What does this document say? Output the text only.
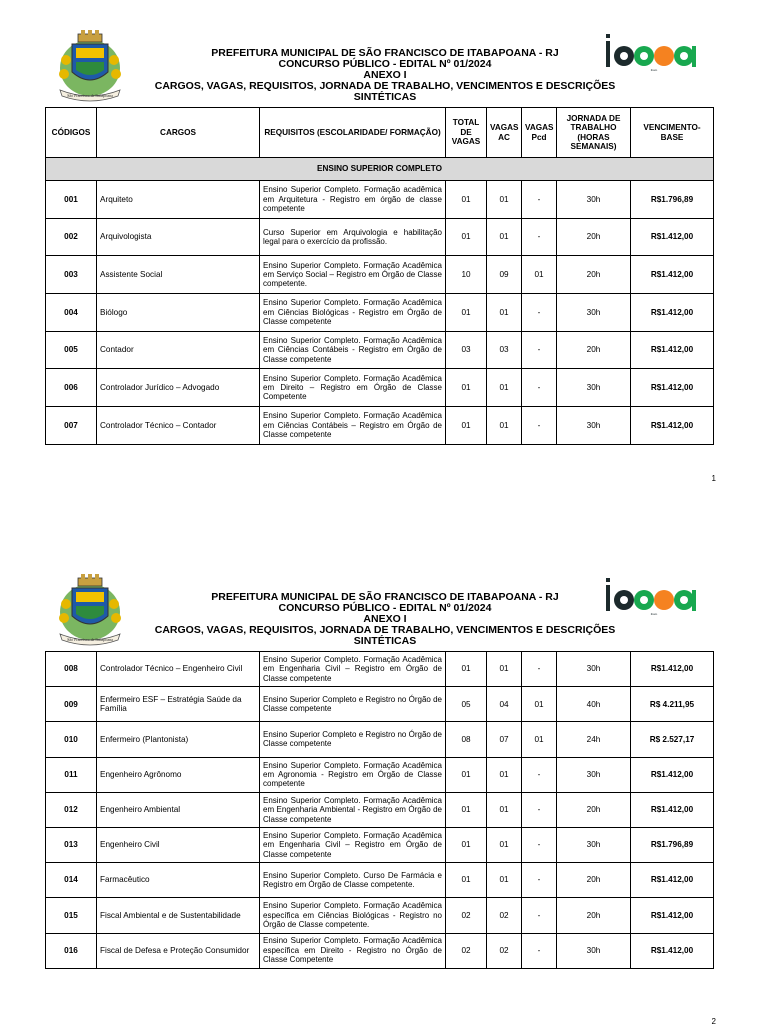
São Francisco de Itabapoana
PREFEITURA MUNICIPAL DE SÃO FRANCISCO DE ITABAPOANA - RJ
CONCURSO PÚBLICO - EDITAL Nº 01/2024
ANEXO I
CARGOS, VAGAS, REQUISITOS, JORNADA DE TRABALHO, VENCIMENTOS E DESCRIÇÕES SINTÉTICAS
ibam
CÓDIGOS	CARGOS	REQUISITOS (ESCOLARIDADE/ FORMAÇÃO)	TOTAL DE VAGAS	VAGAS AC	VAGAS Pcd	JORNADA DE TRABALHO (HORAS SEMANAIS)	VENCIMENTO-BASE
ENSINO SUPERIOR COMPLETO							
001	Arquiteto	Ensino Superior Completo. Formação acadêmica em Arquitetura - Registro em órgão de classe competente	01	01	-	30h	R$1.796,89
002	Arquivologista	Curso Superior em Arquivologia e habilitação legal para o exercício da profissão.	01	01	-	20h	R$1.412,00
003	Assistente Social	Ensino Superior Completo. Formação Acadêmica em Serviço Social – Registro em Órgão de Classe competente.	10	09	01	20h	R$1.412,00
004	Biólogo	Ensino Superior Completo. Formação Acadêmica em Ciências Biológicas - Registro em Órgão de Classe competente	01	01	-	30h	R$1.412,00
005	Contador	Ensino Superior Completo. Formação Acadêmica em Ciências Contábeis - Registro em Órgão de Classe competente	03	03	-	20h	R$1.412,00
006	Controlador Jurídico – Advogado	Ensino Superior Completo. Formação Acadêmica em Direito – Registro em Órgão de Classe Competente	01	01	-	30h	R$1.412,00
007	Controlador Técnico – Contador	Ensino Superior Completo. Formação Acadêmica em Ciências Contábeis – Registro em Órgão de Classe competente	01	01	-	30h	R$1.412,00
1
São Francisco de Itabapoana
PREFEITURA MUNICIPAL DE SÃO FRANCISCO DE ITABAPOANA - RJ
CONCURSO PÚBLICO - EDITAL Nº 01/2024
ANEXO I
CARGOS, VAGAS, REQUISITOS, JORNADA DE TRABALHO, VENCIMENTOS E DESCRIÇÕES SINTÉTICAS
ibam
008	Controlador Técnico – Engenheiro Civil	Ensino Superior Completo. Formação Acadêmica em Engenharia Civil – Registro em Órgão de Classe competente	01	01	-	30h	R$1.412,00
009	Enfermeiro ESF – Estratégia Saúde da Família	Ensino Superior Completo e Registro no Órgão de Classe competente	05	04	01	40h	R$ 4.211,95
010	Enfermeiro (Plantonista)	Ensino Superior Completo e Registro no Órgão de Classe competente	08	07	01	24h	R$ 2.527,17
011	Engenheiro Agrônomo	Ensino Superior Completo. Formação Acadêmica em Agronomia - Registro em Órgão de Classe competente	01	01	-	30h	R$1.412,00
012	Engenheiro Ambiental	Ensino Superior Completo. Formação Acadêmica em Engenharia Ambiental - Registro em Órgão de Classe competente	01	01	-	20h	R$1.412,00
013	Engenheiro Civil	Ensino Superior Completo. Formação Acadêmica em Engenharia Civil – Registro em Órgão de Classe competente	01	01	-	30h	R$1.796,89
014	Farmacêutico	Ensino Superior Completo. Curso De Farmácia e Registro em Órgão de Classe competente.	01	01	-	20h	R$1.412,00
015	Fiscal Ambiental e de Sustentabilidade	Ensino Superior Completo. Formação Acadêmica específica em Ciências Biológicas - Registro no Órgão de Classe competente.	02	02	-	20h	R$1.412,00
016	Fiscal de Defesa e Proteção Consumidor	Ensino Superior Completo. Formação Acadêmica específica em Direito - Registro no Órgão de Classe Competente	02	02	-	30h	R$1.412,00
2
